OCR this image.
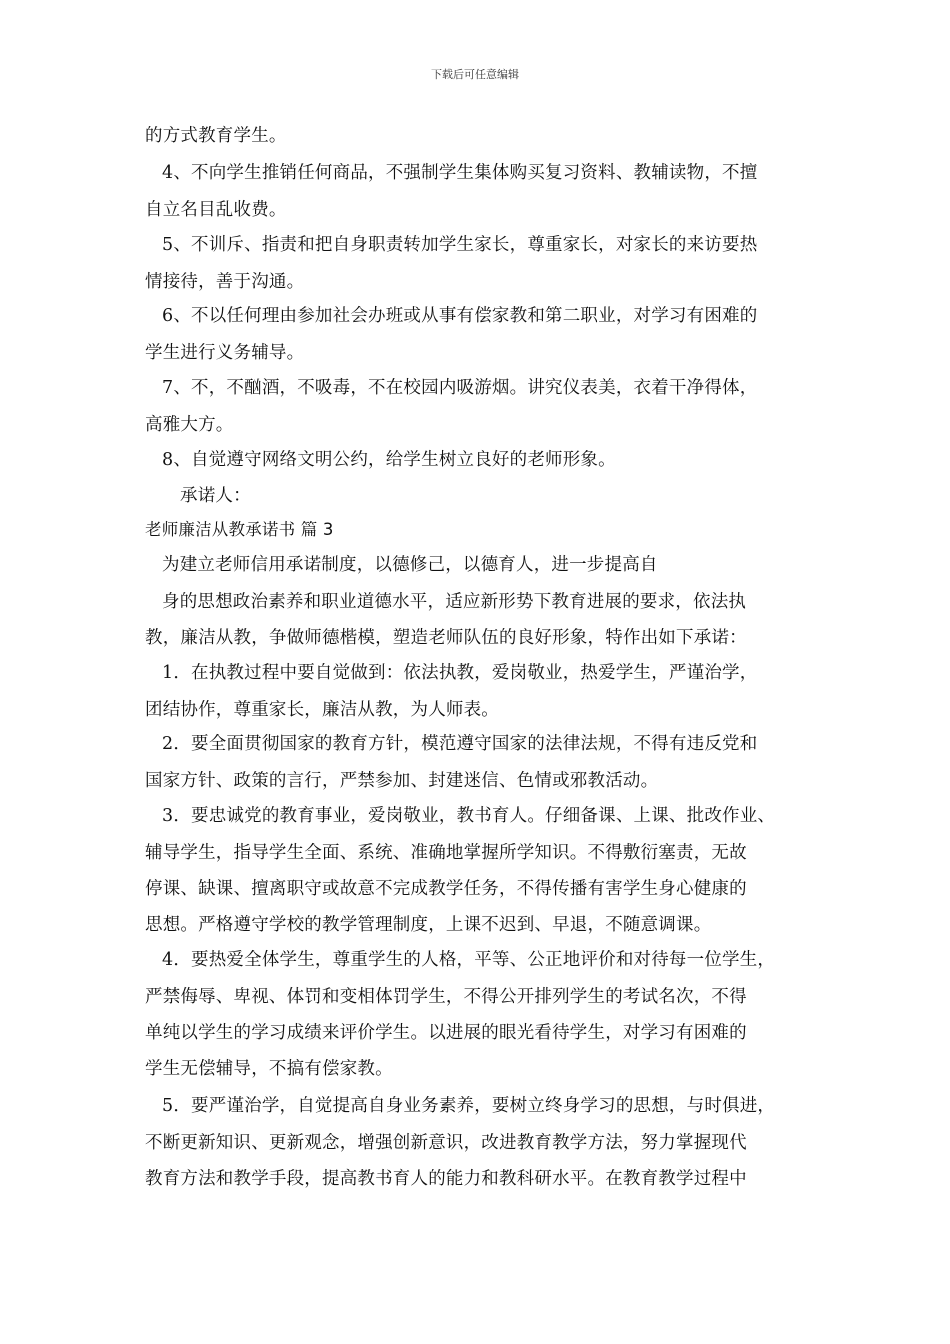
下载后可任意编辑
的方式教育学生。
4、不向学生推销任何商品，不强制学生集体购买复习资料、教辅读物，不擅
自立名目乱收费。
5、不训斥、指责和把自身职责转加学生家长，尊重家长，对家长的来访要热
情接待，善于沟通。
6、不以任何理由参加社会办班或从事有偿家教和第二职业，对学习有困难的
学生进行义务辅导。
7、不，不酗酒，不吸毒，不在校园内吸游烟。讲究仪表美，衣着干净得体，
高雅大方。
8、自觉遵守网络文明公约，给学生树立良好的老师形象。
承诺人：
老师廉洁从教承诺书 篇 3
为建立老师信用承诺制度，以德修己，以德育人，进一步提高自
身的思想政治素养和职业道德水平，适应新形势下教育进展的要求，依法执
教，廉洁从教，争做师德楷模，塑造老师队伍的良好形象，特作出如下承诺：
1．在执教过程中要自觉做到：依法执教，爱岗敬业，热爱学生，严谨治学，
团结协作，尊重家长，廉洁从教，为人师表。
2．要全面贯彻国家的教育方针，模范遵守国家的法律法规，不得有违反党和
国家方针、政策的言行，严禁参加、封建迷信、色情或邪教活动。
3．要忠诚党的教育事业，爱岗敬业，教书育人。仔细备课、上课、批改作业、
辅导学生，指导学生全面、系统、准确地掌握所学知识。不得敷衍塞责，无故
停课、缺课、擅离职守或故意不完成教学任务，不得传播有害学生身心健康的
思想。严格遵守学校的教学管理制度，上课不迟到、早退，不随意调课。
4．要热爱全体学生，尊重学生的人格，平等、公正地评价和对待每一位学生，
严禁侮辱、卑视、体罚和变相体罚学生，不得公开排列学生的考试名次，不得
单纯以学生的学习成绩来评价学生。以进展的眼光看待学生，对学习有困难的
学生无偿辅导，不搞有偿家教。
5．要严谨治学，自觉提高自身业务素养，要树立终身学习的思想，与时俱进，
不断更新知识、更新观念，增强创新意识，改进教育教学方法，努力掌握现代
教育方法和教学手段，提高教书育人的能力和教科研水平。在教育教学过程中
